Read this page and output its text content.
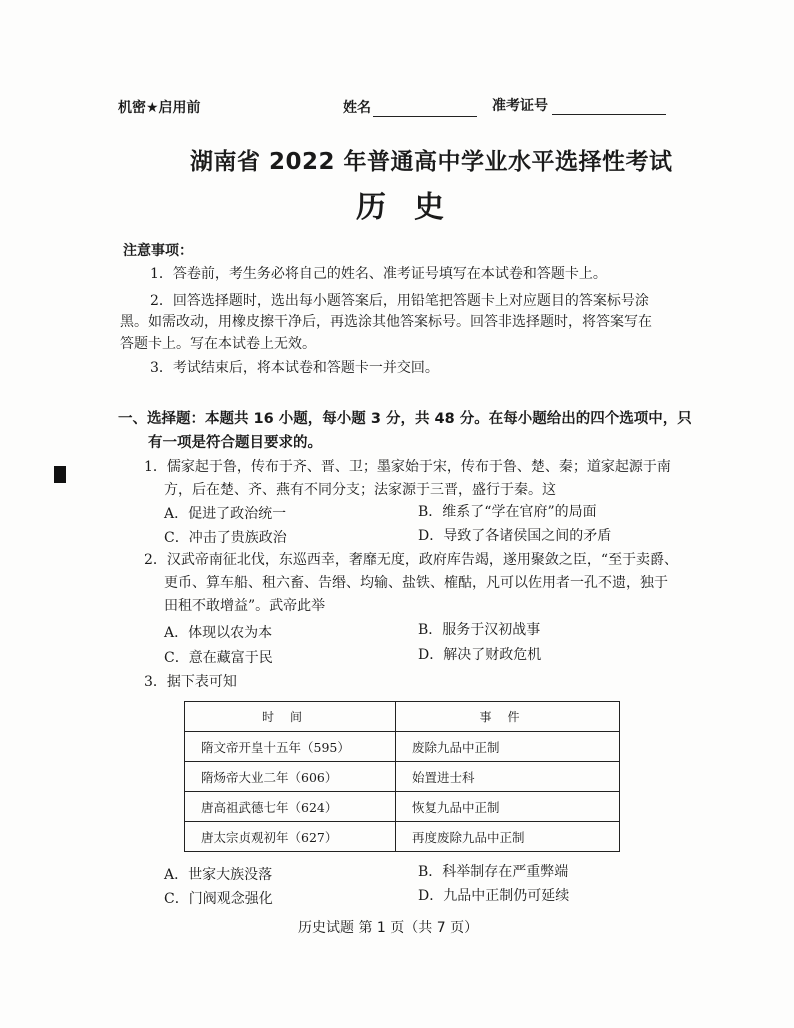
机密★启用前	姓名	准考证号
湖南省 2022 年普通高中学业水平选择性考试
历史
注意事项：
1．答卷前，考生务必将自己的姓名、准考证号填写在本试卷和答题卡上。
2．回答选择题时，选出每小题答案后，用铅笔把答题卡上对应题目的答案标号涂
黑。如需改动，用橡皮擦干净后，再选涂其他答案标号。回答非选择题时，将答案写在
答题卡上。写在本试卷上无效。
3．考试结束后，将本试卷和答题卡一并交回。
一、选择题：本题共 16 小题，每小题 3 分，共 48 分。在每小题给出的四个选项中，只
有一项是符合题目要求的。
1．儒家起于鲁，传布于齐、晋、卫；墨家始于宋，传布于鲁、楚、秦；道家起源于南
方，后在楚、齐、燕有不同分支；法家源于三晋，盛行于秦。这
A．促进了政治统一	B．维系了“学在官府”的局面
C．冲击了贵族政治	D．导致了各诸侯国之间的矛盾
2．汉武帝南征北伐，东巡西幸，奢靡无度，政府库告竭，遂用聚敛之臣，“至于卖爵、
更币、算车船、租六畜、告缗、均输、盐铁、榷酤，凡可以佐用者一孔不遗，独于
田租不敢增益”。武帝此举
A．体现以农为本	B．服务于汉初战事
C．意在藏富于民	D．解决了财政危机
3．据下表可知
时间	事件
隋文帝开皇十五年（595）	废除九品中正制
隋炀帝大业二年（606）	始置进士科
唐高祖武德七年（624）	恢复九品中正制
唐太宗贞观初年（627）	再度废除九品中正制
A．世家大族没落	B．科举制存在严重弊端
C．门阀观念强化	D．九品中正制仍可延续
历史试题 第 1 页（共 7 页）
